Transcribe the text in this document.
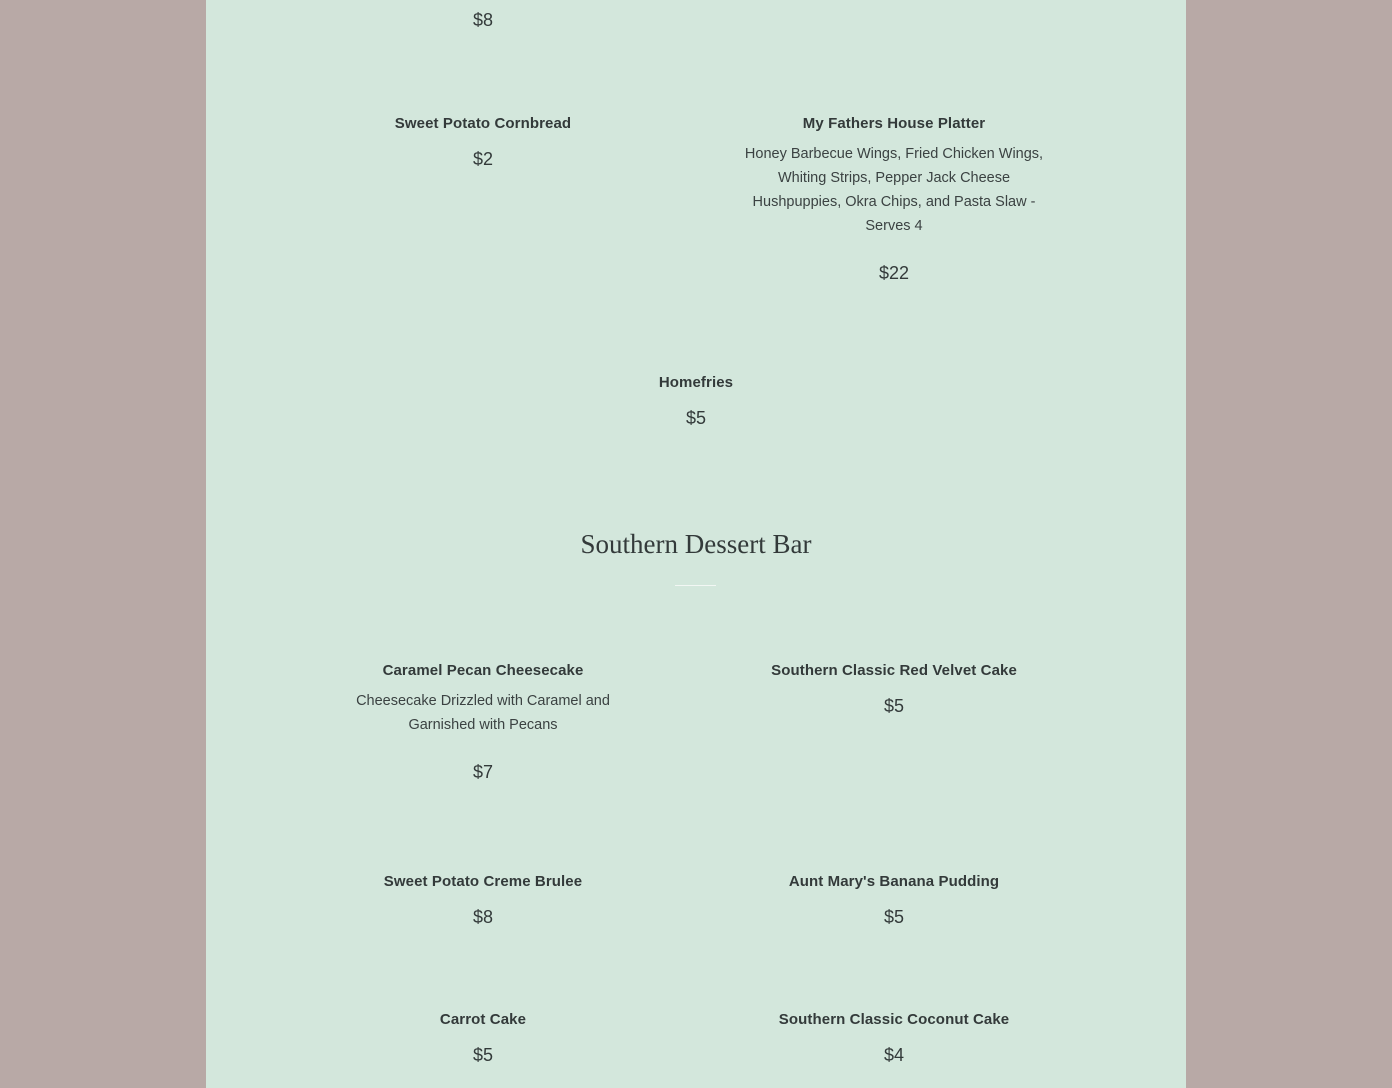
$8
Sweet Potato Cornbread
$2
My Fathers House Platter
Honey Barbecue Wings, Fried Chicken Wings,
Whiting Strips, Pepper Jack Cheese
Hushpuppies, Okra Chips, and Pasta Slaw -
Serves 4
$22
Homefries
$5
Southern Dessert Bar
Caramel Pecan Cheesecake
Cheesecake Drizzled with Caramel and
Garnished with Pecans
$7
Southern Classic Red Velvet Cake
$5
Sweet Potato Creme Brulee
$8
Aunt Mary's Banana Pudding
$5
Carrot Cake
$5
Southern Classic Coconut Cake
$4
